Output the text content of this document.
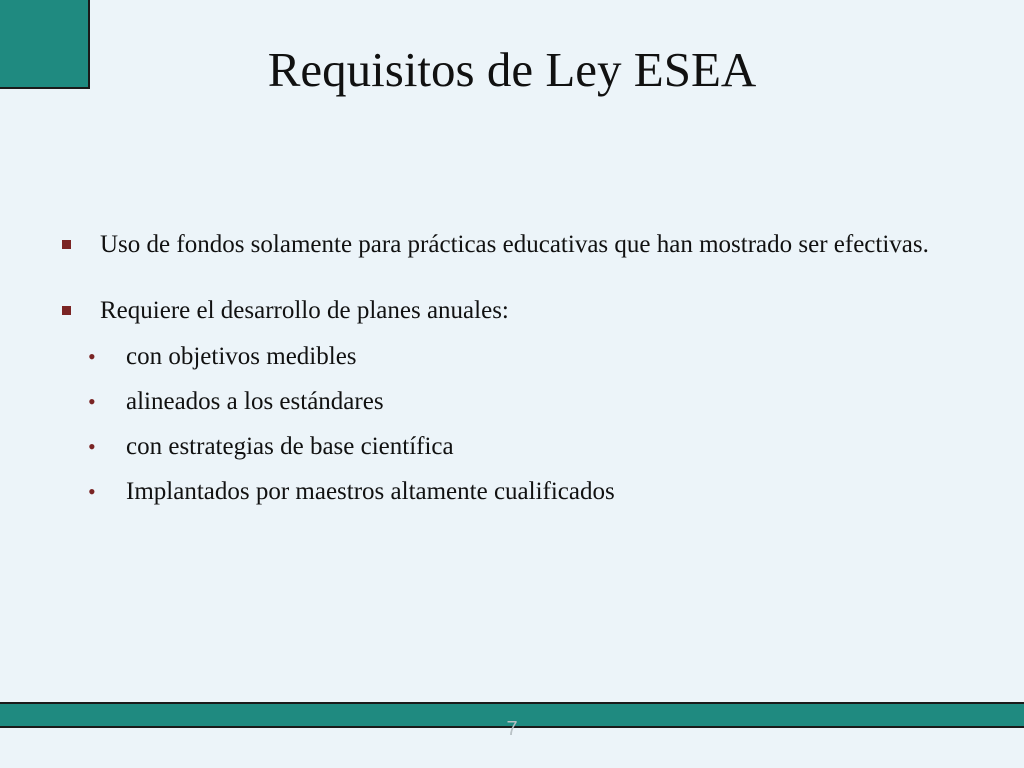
Requisitos de Ley ESEA
Uso de fondos solamente para prácticas educativas que han mostrado ser efectivas.
Requiere el desarrollo de planes anuales:
•	con objetivos medibles
•	alineados a los estándares
•	con estrategias de base científica
•	Implantados por maestros altamente cualificados
7
